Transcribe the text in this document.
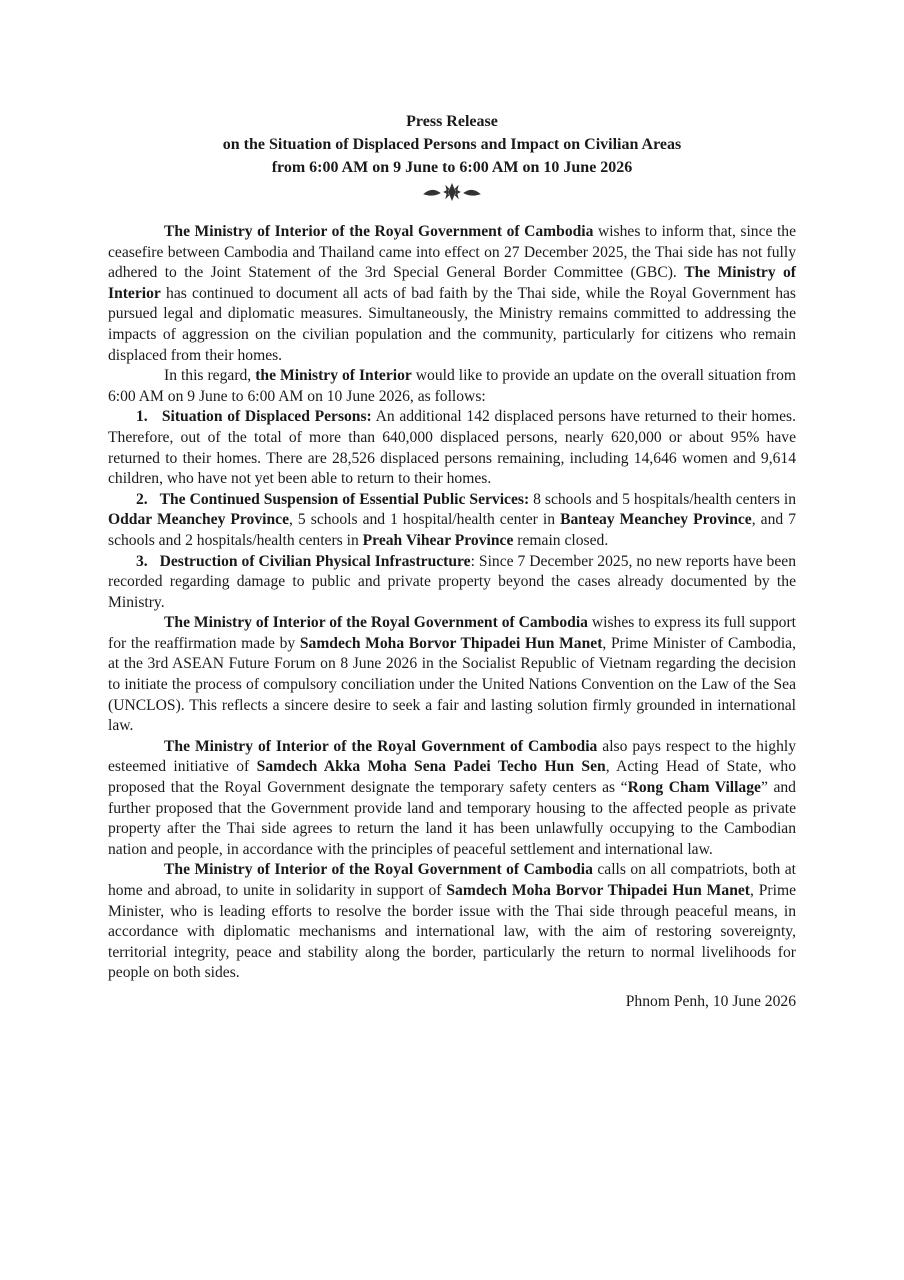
Press Release
on the Situation of Displaced Persons and Impact on Civilian Areas
from 6:00 AM on 9 June to 6:00 AM on 10 June 2026

The Ministry of Interior of the Royal Government of Cambodia wishes to inform that, since the ceasefire between Cambodia and Thailand came into effect on 27 December 2025, the Thai side has not fully adhered to the Joint Statement of the 3rd Special General Border Committee (GBC). The Ministry of Interior has continued to document all acts of bad faith by the Thai side, while the Royal Government has pursued legal and diplomatic measures. Simultaneously, the Ministry remains committed to addressing the impacts of aggression on the civilian population and the community, particularly for citizens who remain displaced from their homes.

In this regard, the Ministry of Interior would like to provide an update on the overall situation from 6:00 AM on 9 June to 6:00 AM on 10 June 2026, as follows:

1. Situation of Displaced Persons: An additional 142 displaced persons have returned to their homes. Therefore, out of the total of more than 640,000 displaced persons, nearly 620,000 or about 95% have returned to their homes. There are 28,526 displaced persons remaining, including 14,646 women and 9,614 children, who have not yet been able to return to their homes.

2. The Continued Suspension of Essential Public Services: 8 schools and 5 hospitals/health centers in Oddar Meanchey Province, 5 schools and 1 hospital/health center in Banteay Meanchey Province, and 7 schools and 2 hospitals/health centers in Preah Vihear Province remain closed.

3. Destruction of Civilian Physical Infrastructure: Since 7 December 2025, no new reports have been recorded regarding damage to public and private property beyond the cases already documented by the Ministry.

The Ministry of Interior of the Royal Government of Cambodia wishes to express its full support for the reaffirmation made by Samdech Moha Borvor Thipadei Hun Manet, Prime Minister of Cambodia, at the 3rd ASEAN Future Forum on 8 June 2026 in the Socialist Republic of Vietnam regarding the decision to initiate the process of compulsory conciliation under the United Nations Convention on the Law of the Sea (UNCLOS). This reflects a sincere desire to seek a fair and lasting solution firmly grounded in international law.

The Ministry of Interior of the Royal Government of Cambodia also pays respect to the highly esteemed initiative of Samdech Akka Moha Sena Padei Techo Hun Sen, Acting Head of State, who proposed that the Royal Government designate the temporary safety centers as “Rong Cham Village” and further proposed that the Government provide land and temporary housing to the affected people as private property after the Thai side agrees to return the land it has been unlawfully occupying to the Cambodian nation and people, in accordance with the principles of peaceful settlement and international law.

The Ministry of Interior of the Royal Government of Cambodia calls on all compatriots, both at home and abroad, to unite in solidarity in support of Samdech Moha Borvor Thipadei Hun Manet, Prime Minister, who is leading efforts to resolve the border issue with the Thai side through peaceful means, in accordance with diplomatic mechanisms and international law, with the aim of restoring sovereignty, territorial integrity, peace and stability along the border, particularly the return to normal livelihoods for people on both sides.

Phnom Penh, 10 June 2026
